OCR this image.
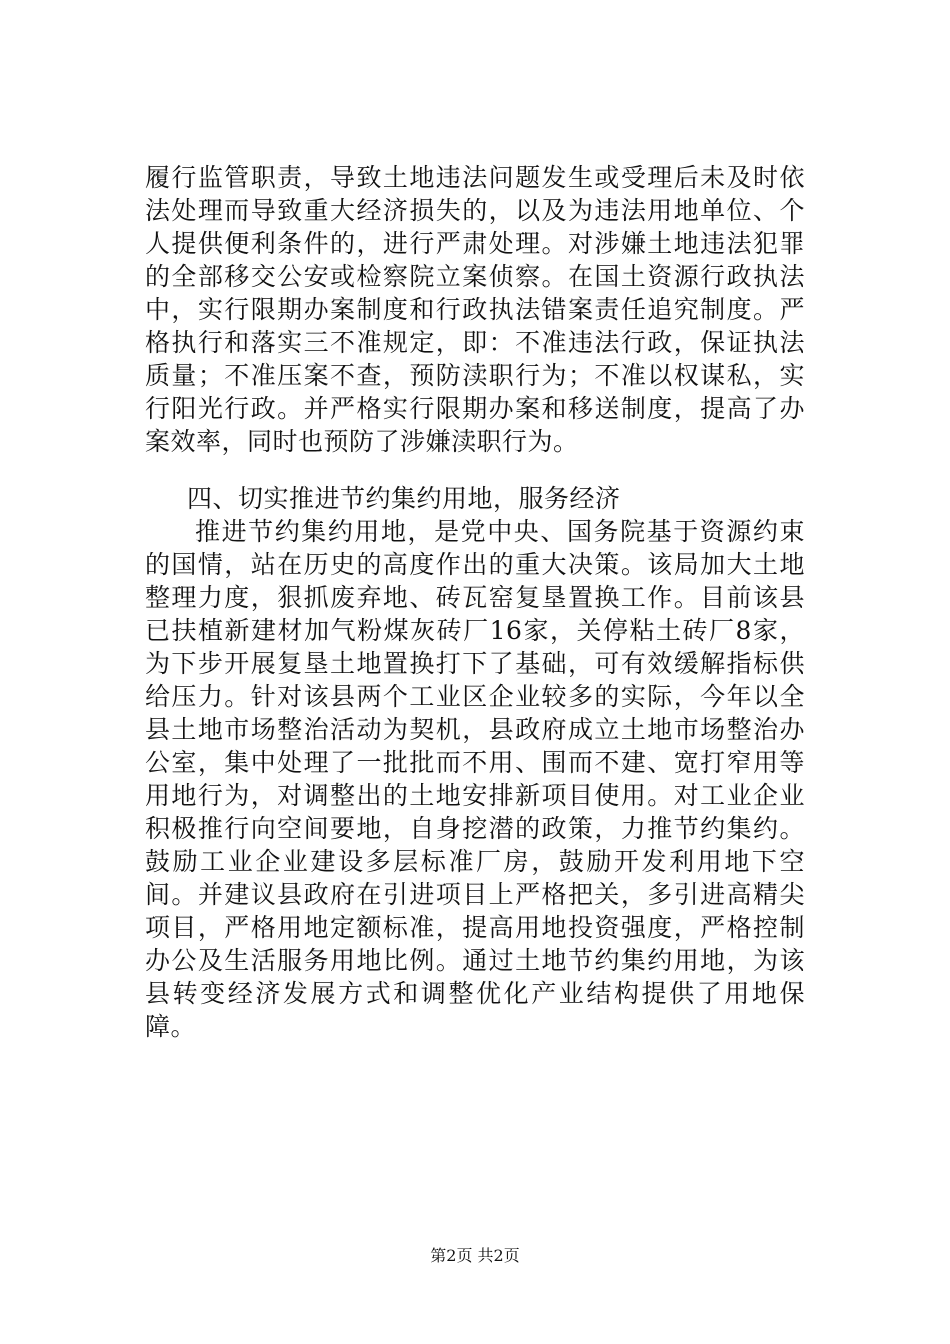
履行监管职责，导致土地违法问题发生或受理后未及时依法处理而导致重大经济损失的，以及为违法用地单位、个人提供便利条件的，进行严肃处理。对涉嫌土地违法犯罪的全部移交公安或检察院立案侦察。在国土资源行政执法中，实行限期办案制度和行政执法错案责任追究制度。严格执行和落实三不准规定，即：不准违法行政，保证执法质量；不准压案不查，预防渎职行为；不准以权谋私，实行阳光行政。并严格实行限期办案和移送制度，提高了办案效率，同时也预防了涉嫌渎职行为。

四、切实推进节约集约用地，服务经济

推进节约集约用地，是党中央、国务院基于资源约束的国情，站在历史的高度作出的重大决策。该局加大土地整理力度，狠抓废弃地、砖瓦窑复垦置换工作。目前该县已扶植新建材加气粉煤灰砖厂16家，关停粘土砖厂8家，为下步开展复垦土地置换打下了基础，可有效缓解指标供给压力。针对该县两个工业区企业较多的实际，今年以全县土地市场整治活动为契机，县政府成立土地市场整治办公室，集中处理了一批批而不用、围而不建、宽打窄用等用地行为，对调整出的土地安排新项目使用。对工业企业积极推行向空间要地，自身挖潜的政策，力推节约集约。鼓励工业企业建设多层标准厂房，鼓励开发利用地下空间。并建议县政府在引进项目上严格把关，多引进高精尖项目，严格用地定额标准，提高用地投资强度，严格控制办公及生活服务用地比例。通过土地节约集约用地，为该县转变经济发展方式和调整优化产业结构提供了用地保障。

第2页 共2页
